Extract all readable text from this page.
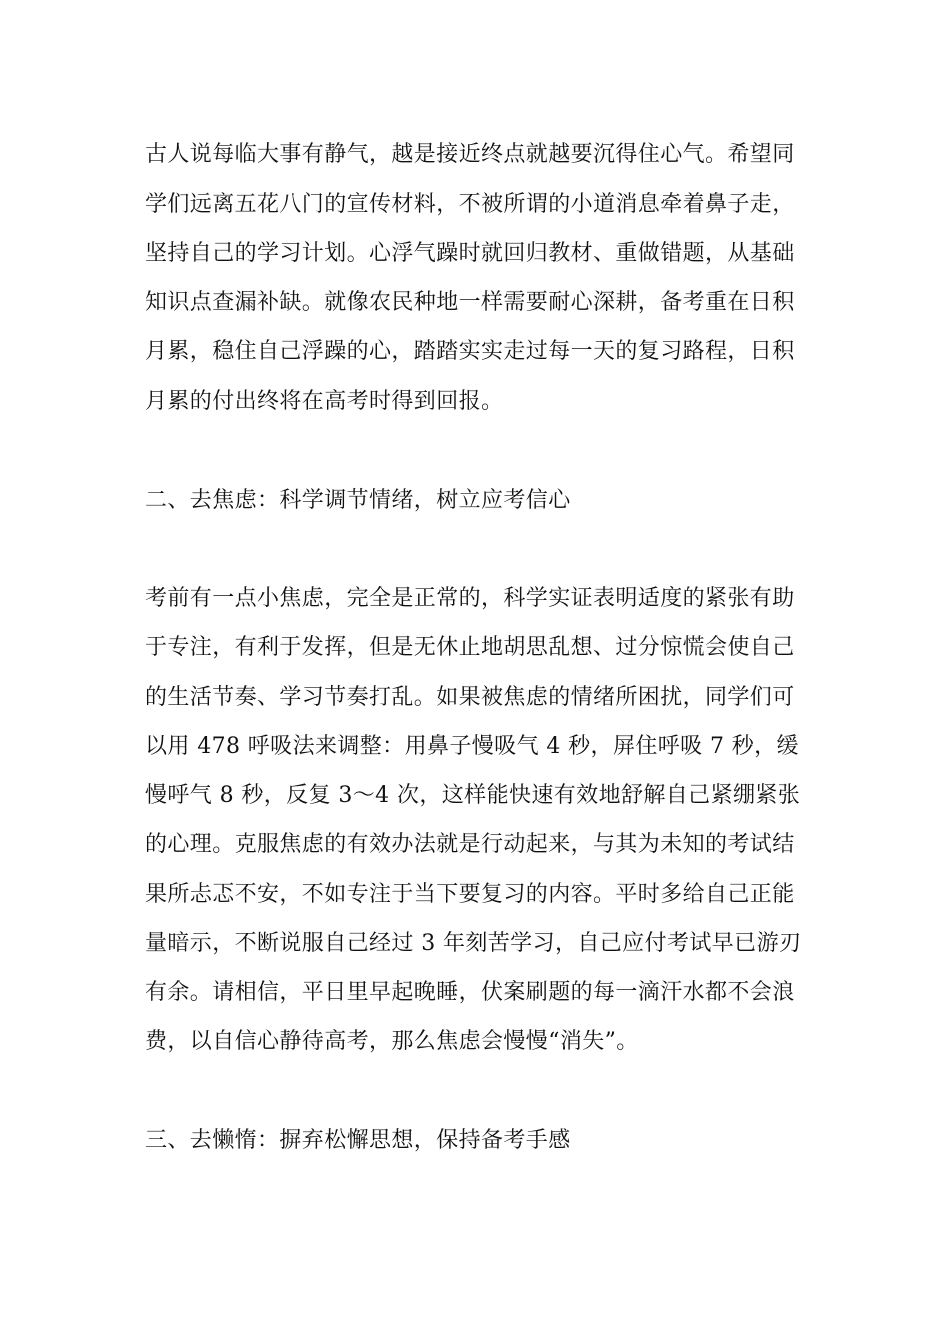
古人说每临大事有静气，越是接近终点就越要沉得住心气。希望同
学们远离五花八门的宣传材料，不被所谓的小道消息牵着鼻子走，
坚持自己的学习计划。心浮气躁时就回归教材、重做错题，从基础
知识点查漏补缺。就像农民种地一样需要耐心深耕，备考重在日积
月累，稳住自己浮躁的心，踏踏实实走过每一天的复习路程，日积
月累的付出终将在高考时得到回报。
二、去焦虑：科学调节情绪，树立应考信心
考前有一点小焦虑，完全是正常的，科学实证表明适度的紧张有助
于专注，有利于发挥，但是无休止地胡思乱想、过分惊慌会使自己
的生活节奏、学习节奏打乱。如果被焦虑的情绪所困扰，同学们可
以用 478 呼吸法来调整：用鼻子慢吸气 4 秒，屏住呼吸 7 秒，缓
慢呼气 8 秒，反复 3～4 次，这样能快速有效地舒解自己紧绷紧张
的心理。克服焦虑的有效办法就是行动起来，与其为未知的考试结
果所忐忑不安，不如专注于当下要复习的内容。平时多给自己正能
量暗示，不断说服自己经过 3 年刻苦学习，自己应付考试早已游刃
有余。请相信，平日里早起晚睡，伏案刷题的每一滴汗水都不会浪
费，以自信心静待高考，那么焦虑会慢慢“消失”。
三、去懒惰：摒弃松懈思想，保持备考手感
